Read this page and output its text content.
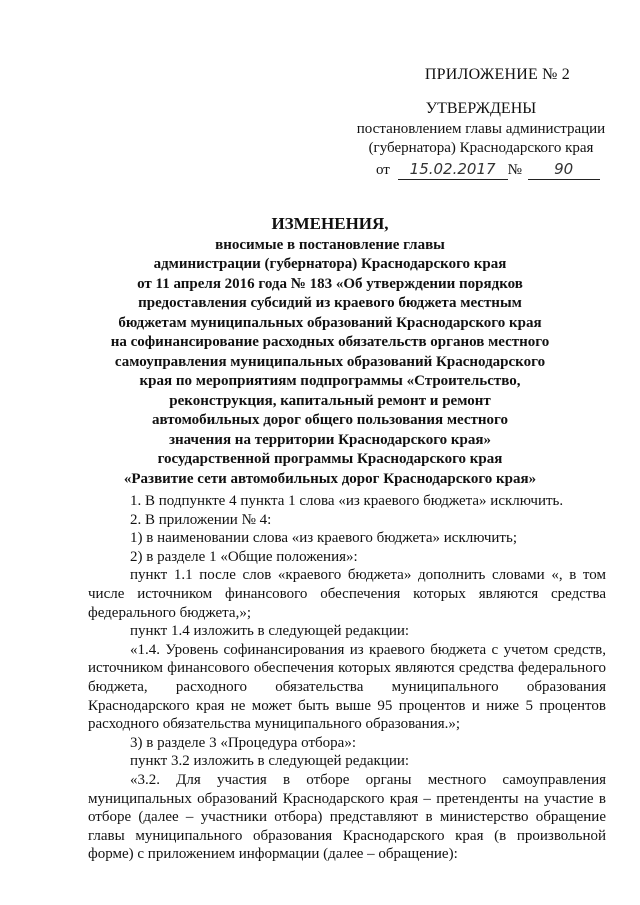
ПРИЛОЖЕНИЕ № 2
УТВЕРЖДЕНЫ
постановлением главы администрации
(губернатора) Краснодарского края
от 15.02.2017 № 90
ИЗМЕНЕНИЯ,
вносимые в постановление главы
администрации (губернатора) Краснодарского края
от 11 апреля 2016 года № 183 «Об утверждении порядков
предоставления субсидий из краевого бюджета местным
бюджетам муниципальных образований Краснодарского края
на софинансирование расходных обязательств органов местного
самоуправления муниципальных образований Краснодарского
края по мероприятиям подпрограммы «Строительство,
реконструкция, капитальный ремонт и ремонт
автомобильных дорог общего пользования местного
значения на территории Краснодарского края»
государственной программы Краснодарского края
«Развитие сети автомобильных дорог Краснодарского края»

1. В подпункте 4 пункта 1 слова «из краевого бюджета» исключить.

2. В приложении № 4:

1) в наименовании слова «из краевого бюджета» исключить;

2) в разделе 1 «Общие положения»:

пункт 1.1 после слов «краевого бюджета» дополнить словами «, в том числе источником финансового обеспечения которых являются средства федерального бюджета,»;

пункт 1.4 изложить в следующей редакции:

«1.4. Уровень софинансирования из краевого бюджета с учетом средств, источником финансового обеспечения которых являются средства федерального бюджета, расходного обязательства муниципального образования Краснодарского края не может быть выше 95 процентов и ниже 5 процентов расходного обязательства муниципального образования.»;

3) в разделе 3 «Процедура отбора»:

пункт 3.2 изложить в следующей редакции:

«3.2. Для участия в отборе органы местного самоуправления муниципальных образований Краснодарского края – претенденты на участие в отборе (далее – участники отбора) представляют в министерство обращение главы муниципального образования Краснодарского края (в произвольной форме) с приложением информации (далее – обращение):
